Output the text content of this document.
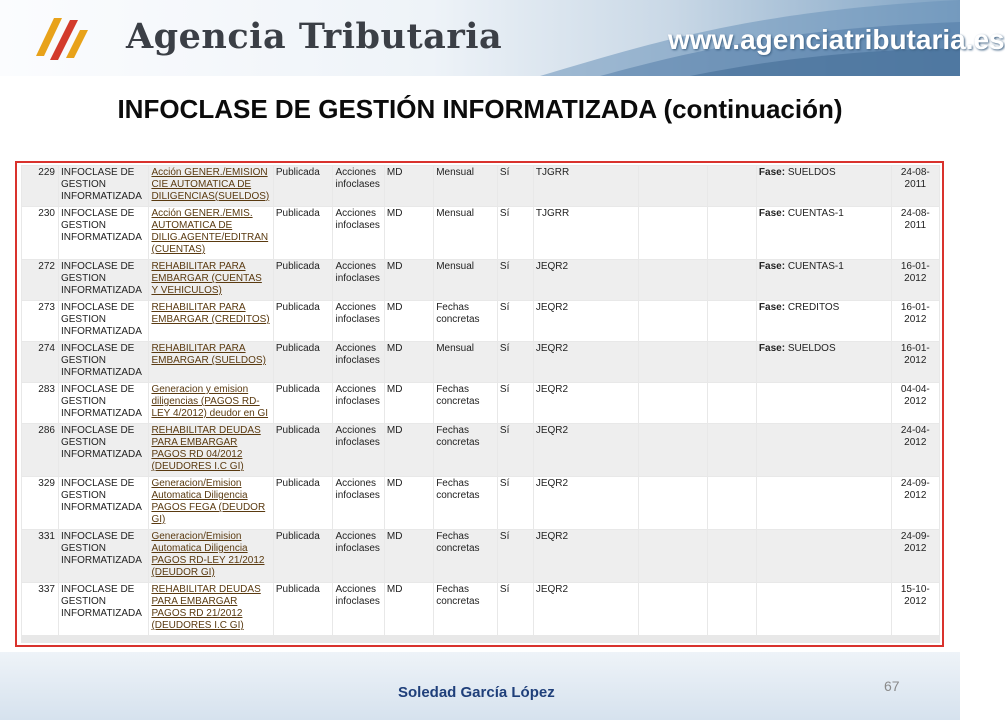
Agencia Tributaria	www.agenciatributaria.es
INFOCLASE DE GESTIÓN INFORMATIZADA (continuación)
229	INFOCLASE DE GESTION INFORMATIZADA	Acción GENER./EMISION CIE AUTOMATICA DE DILIGENCIAS(SUELDOS)	Publicada	Acciones infoclases	MD	Mensual	Sí	TJGRR			Fase: SUELDOS	24-08-2011
230	INFOCLASE DE GESTION INFORMATIZADA	Acción GENER./EMIS. AUTOMATICA DE DILIG.AGENTE/EDITRAN (CUENTAS)	Publicada	Acciones infoclases	MD	Mensual	Sí	TJGRR			Fase: CUENTAS-1	24-08-2011
272	INFOCLASE DE GESTION INFORMATIZADA	REHABILITAR PARA EMBARGAR (CUENTAS Y VEHICULOS)	Publicada	Acciones infoclases	MD	Mensual	Sí	JEQR2			Fase: CUENTAS-1	16-01-2012
273	INFOCLASE DE GESTION INFORMATIZADA	REHABILITAR PARA EMBARGAR (CREDITOS)	Publicada	Acciones infoclases	MD	Fechas concretas	Sí	JEQR2			Fase: CREDITOS	16-01-2012
274	INFOCLASE DE GESTION INFORMATIZADA	REHABILITAR PARA EMBARGAR (SUELDOS)	Publicada	Acciones infoclases	MD	Mensual	Sí	JEQR2			Fase: SUELDOS	16-01-2012
283	INFOCLASE DE GESTION INFORMATIZADA	Generacion y emision diligencias (PAGOS RD-LEY 4/2012) deudor en GI	Publicada	Acciones infoclases	MD	Fechas concretas	Sí	JEQR2				04-04-2012
286	INFOCLASE DE GESTION INFORMATIZADA	REHABILITAR DEUDAS PARA EMBARGAR PAGOS RD 04/2012 (DEUDORES I.C GI)	Publicada	Acciones infoclases	MD	Fechas concretas	Sí	JEQR2				24-04-2012
329	INFOCLASE DE GESTION INFORMATIZADA	Generacion/Emision Automatica Diligencia PAGOS FEGA (DEUDOR GI)	Publicada	Acciones infoclases	MD	Fechas concretas	Sí	JEQR2				24-09-2012
331	INFOCLASE DE GESTION INFORMATIZADA	Generacion/Emision Automatica Diligencia PAGOS RD-LEY 21/2012 (DEUDOR GI)	Publicada	Acciones infoclases	MD	Fechas concretas	Sí	JEQR2				24-09-2012
337	INFOCLASE DE GESTION INFORMATIZADA	REHABILITAR DEUDAS PARA EMBARGAR PAGOS RD 21/2012 (DEUDORES I.C GI)	Publicada	Acciones infoclases	MD	Fechas concretas	Sí	JEQR2				15-10-2012
Soledad García López	67
